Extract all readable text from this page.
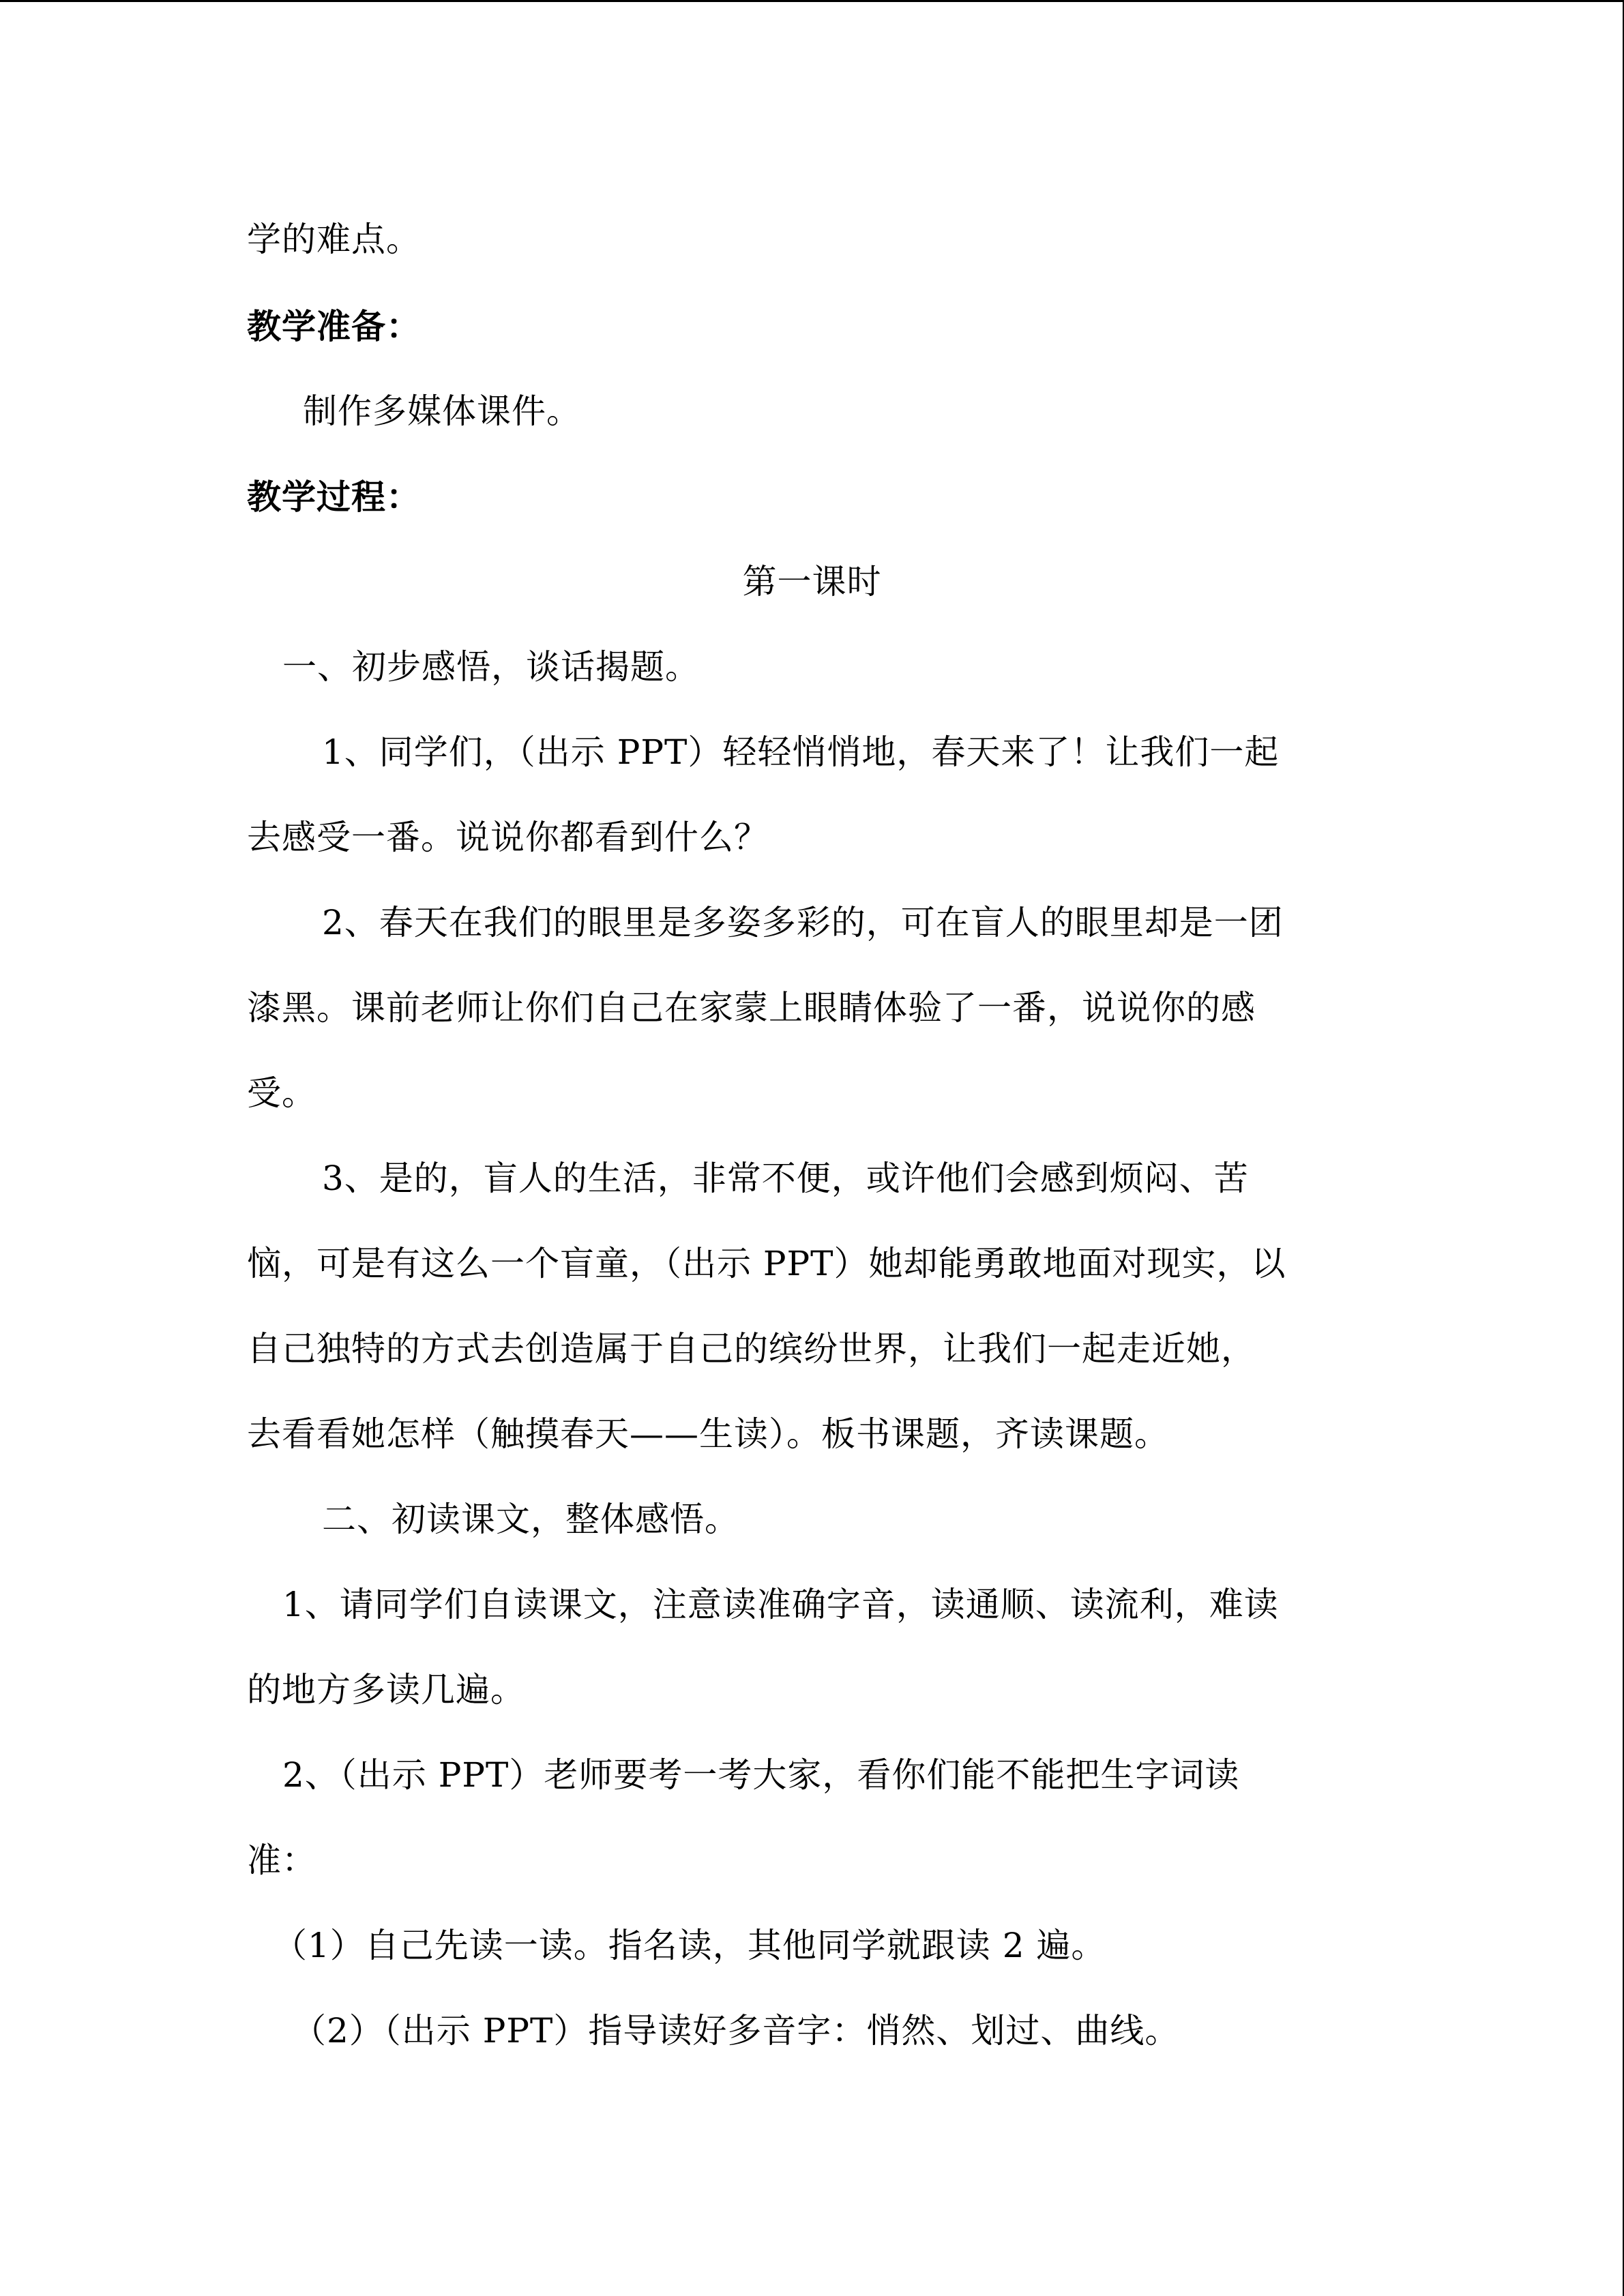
学的难点。
教学准备：
制作多媒体课件。
教学过程：
第一课时
一、初步感悟，谈话揭题。
1、同学们，（出示 PPT）轻轻悄悄地，春天来了！让我们一起
去感受一番。说说你都看到什么？
2、春天在我们的眼里是多姿多彩的，可在盲人的眼里却是一团
漆黑。课前老师让你们自己在家蒙上眼睛体验了一番，说说你的感
受。
3、是的，盲人的生活，非常不便，或许他们会感到烦闷、苦
恼，可是有这么一个盲童，（出示 PPT）她却能勇敢地面对现实，以
自己独特的方式去创造属于自己的缤纷世界，让我们一起走近她，
去看看她怎样（触摸春天——生读）。板书课题，齐读课题。
二、初读课文，整体感悟。
1、请同学们自读课文，注意读准确字音，读通顺、读流利，难读
的地方多读几遍。
2、（出示 PPT）老师要考一考大家，看你们能不能把生字词读
准：
（1）自己先读一读。指名读，其他同学就跟读 2 遍。
（2）（出示 PPT）指导读好多音字：悄然、划过、曲线。
